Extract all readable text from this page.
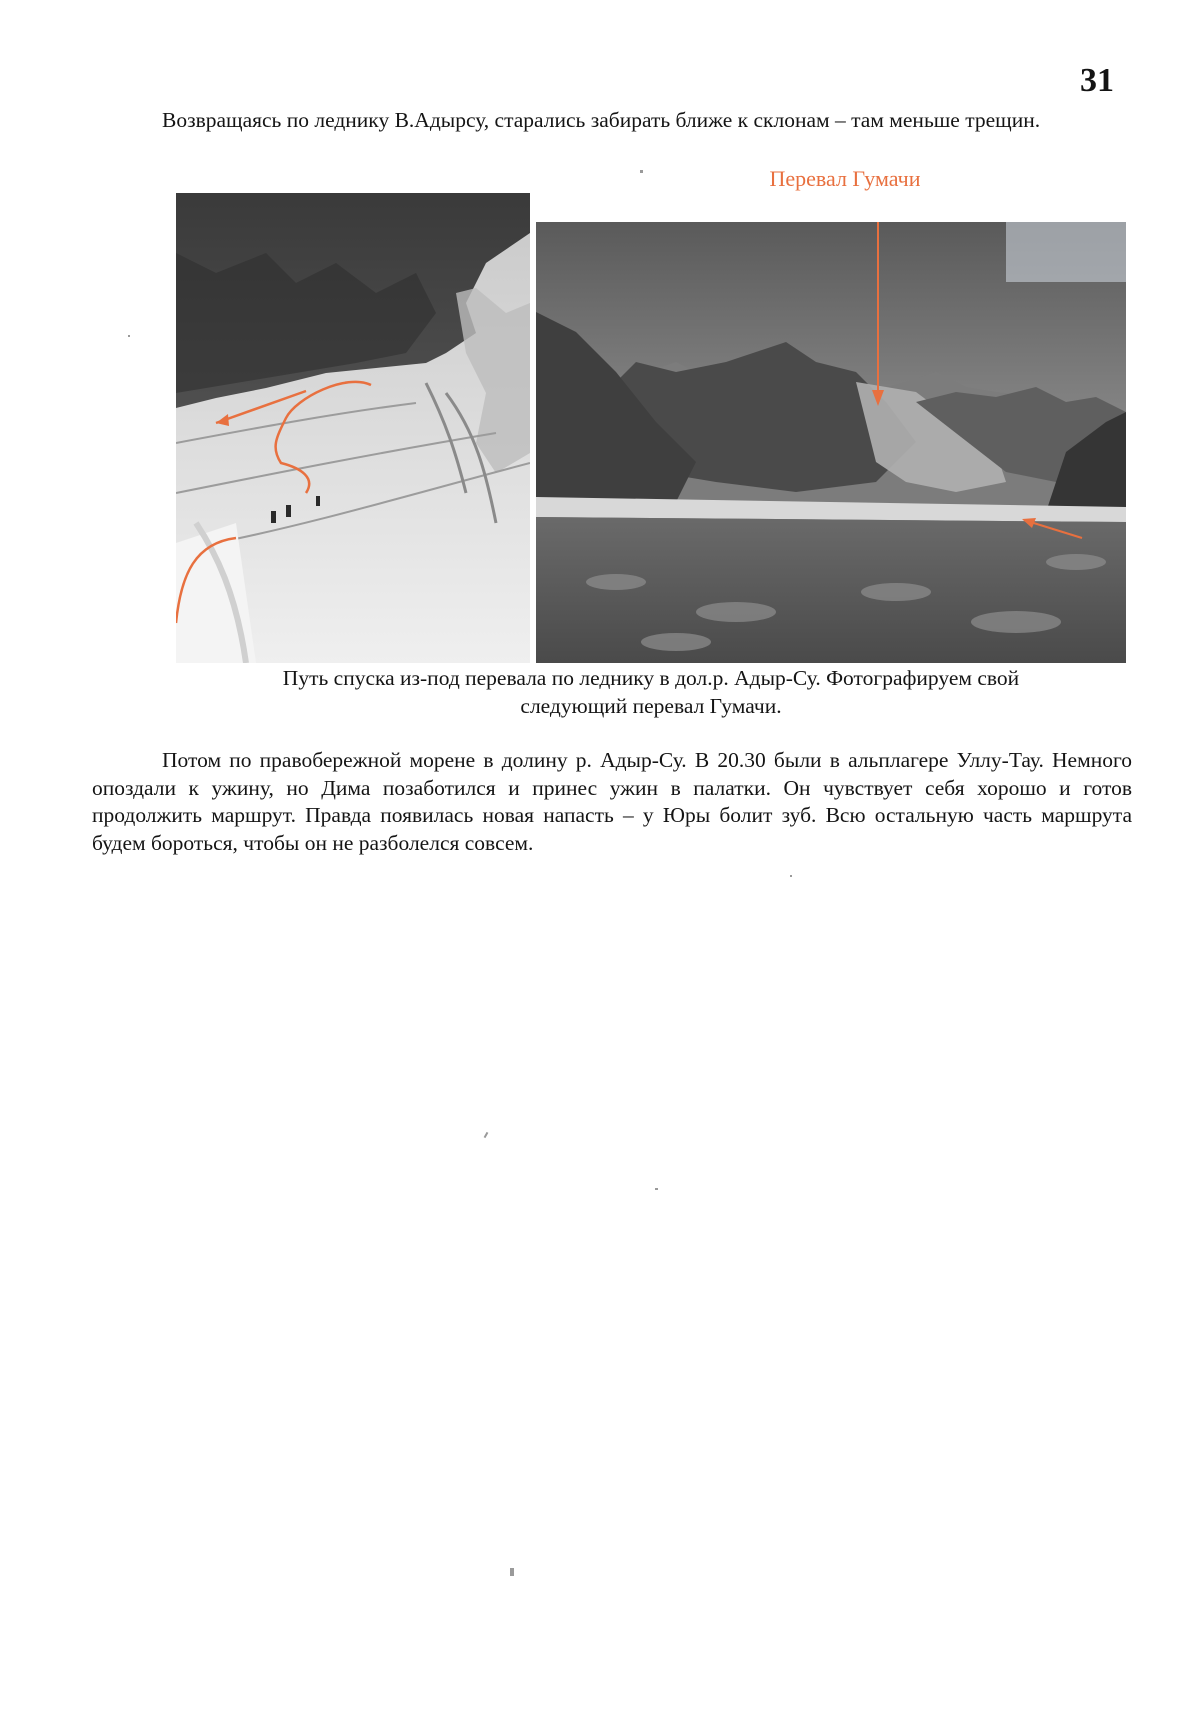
31

Возвращаясь по леднику В.Адырсу, старались забирать ближе к склонам – там меньше трещин.

Перевал Гумачи
Путь спуска из-под перевала по леднику в дол.р. Адыр-Су. Фотографируем свой
следующий перевал Гумачи.

Потом по правобережной морене в долину р. Адыр-Су. В 20.30 были в альплагере Уллу-Тау. Немного опоздали к ужину, но Дима позаботился и принес ужин в палатки. Он чувствует себя хорошо и готов продолжить маршрут. Правда появилась новая напасть – у Юры болит зуб. Всю остальную часть маршрута будем бороться, чтобы он не разболелся совсем.
